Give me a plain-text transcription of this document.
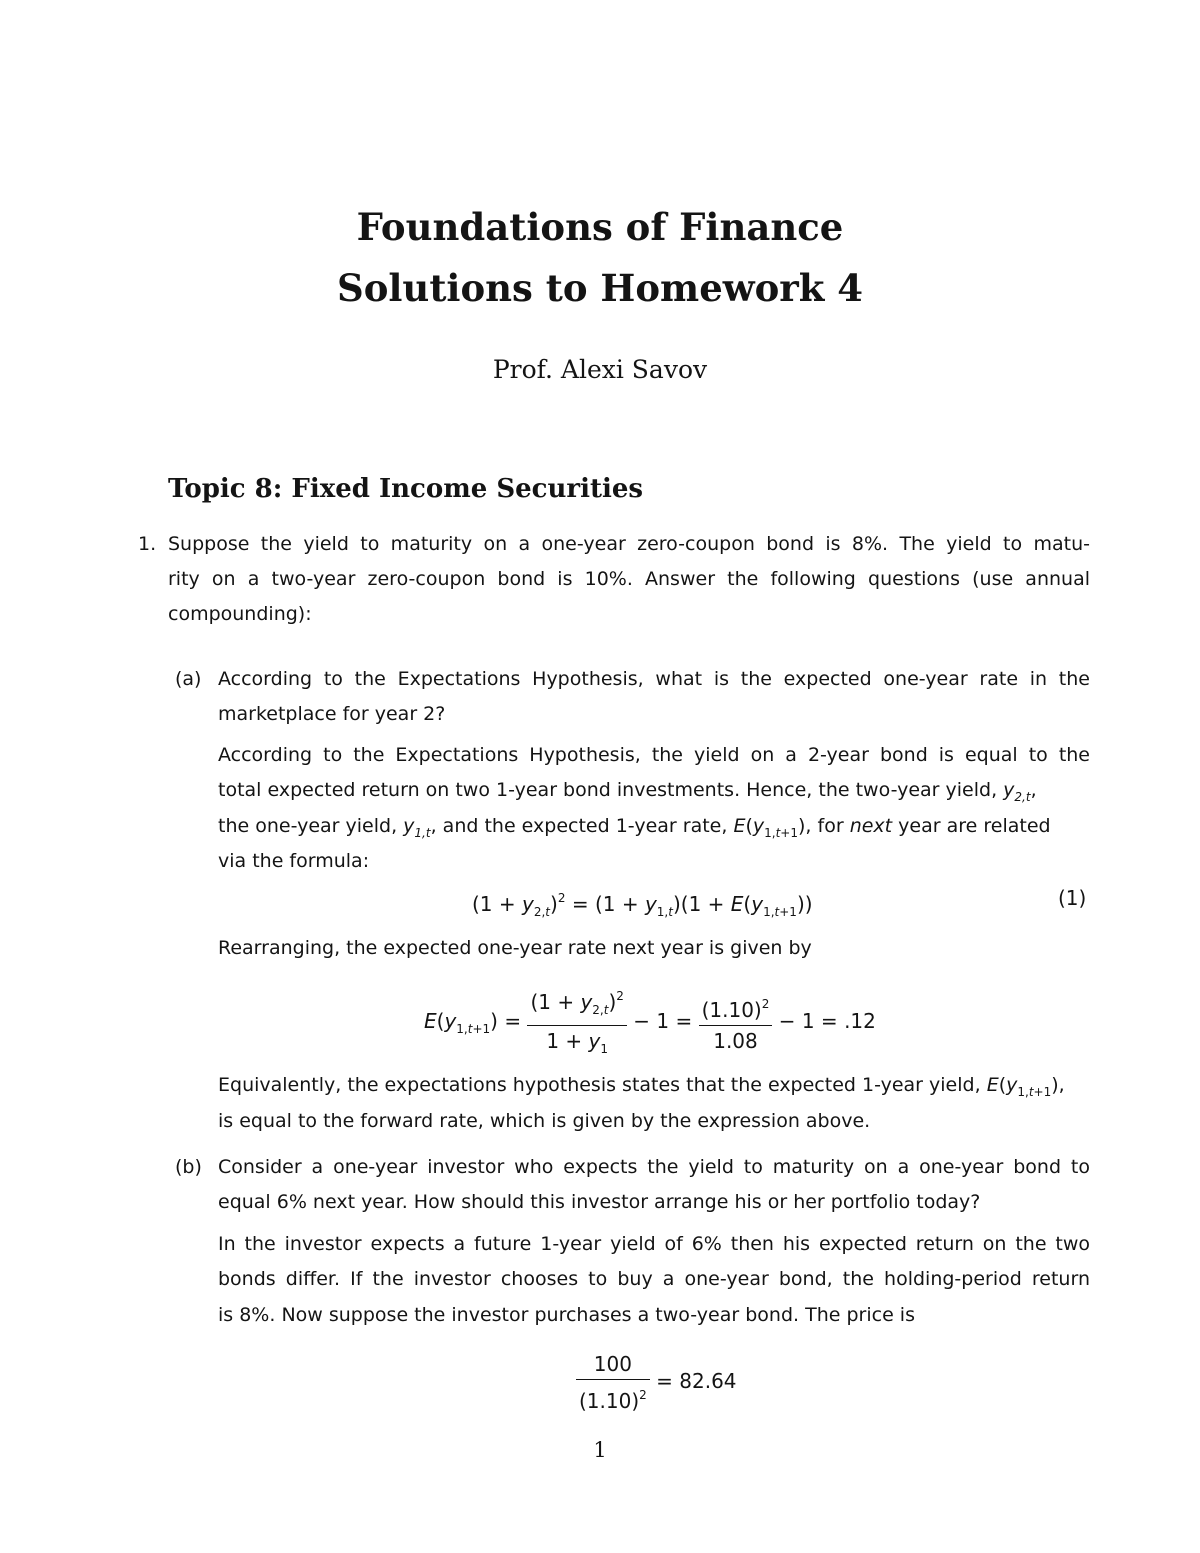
Foundations of Finance
Solutions to Homework 4
Prof. Alexi Savov
Topic 8: Fixed Income Securities
1. Suppose the yield to maturity on a one-year zero-coupon bond is 8%. The yield to matu-
rity on a two-year zero-coupon bond is 10%. Answer the following questions (use annual
compounding):
(a) According to the Expectations Hypothesis, what is the expected one-year rate in the
marketplace for year 2?
According to the Expectations Hypothesis, the yield on a 2-year bond is equal to the
total expected return on two 1-year bond investments. Hence, the two-year yield, $y_{2,t}$,
the one-year yield, $y_{1,t}$, and the expected 1-year rate, $E(y_{1,t+1})$, for next year are related
via the formula:
$(1 + y_{2,t})^2 = (1 + y_{1,t})(1 + E(y_{1,t+1}))$	(1)
Rearranging, the expected one-year rate next year is given by
$E(y_{1,t+1}) = \frac{(1 + y_{2,t})^2}{1 + y_1} - 1 = \frac{(1.10)^2}{1.08} - 1 = .12$
Equivalently, the expectations hypothesis states that the expected 1-year yield, $E(y_{1,t+1})$,
is equal to the forward rate, which is given by the expression above.
(b) Consider a one-year investor who expects the yield to maturity on a one-year bond to
equal 6% next year. How should this investor arrange his or her portfolio today?
In the investor expects a future 1-year yield of 6% then his expected return on the two
bonds differ. If the investor chooses to buy a one-year bond, the holding-period return
is 8%. Now suppose the investor purchases a two-year bond. The price is
$\frac{100}{(1.10)^2} = 82.64$
1
